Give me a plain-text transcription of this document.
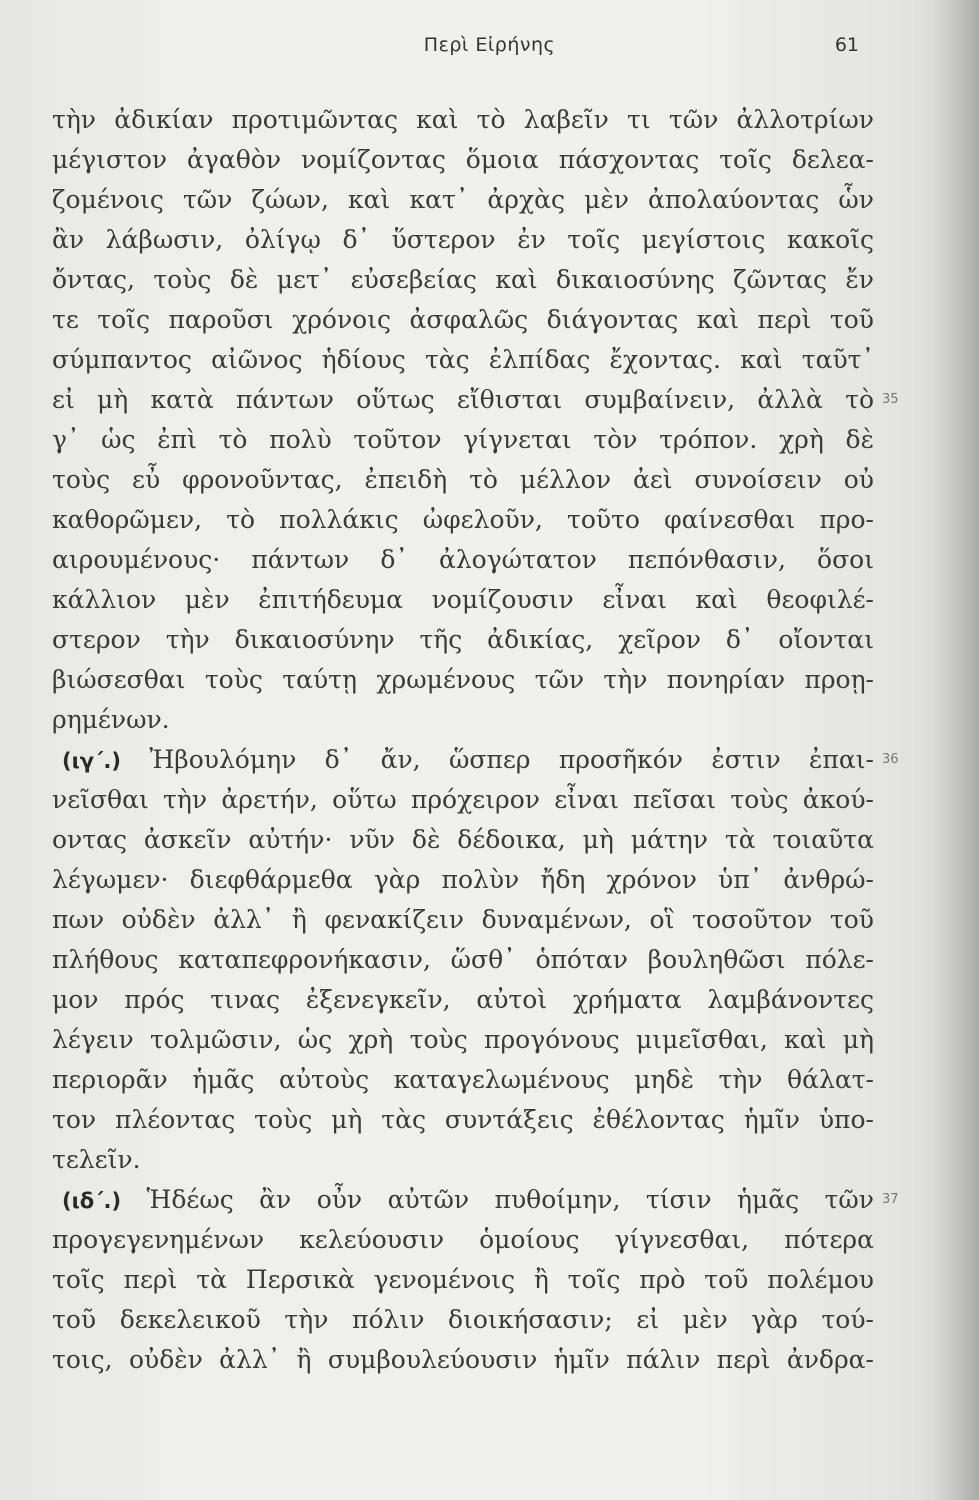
Περὶ Εἰρήνης	61
τὴν ἀδικίαν προτιμῶντας καὶ τὸ λαβεῖν τι τῶν ἀλλοτρίων
μέγιστον ἀγαθὸν νομίζοντας ὅμοια πάσχοντας τοῖς δελεα-
ζομένοις τῶν ζώων, καὶ κατ᾽ ἀρχὰς μὲν ἀπολαύοντας ὧν
ἂν λάβωσιν, ὀλίγῳ δ᾽ ὕστερον ἐν τοῖς μεγίστοις κακοῖς
ὄντας, τοὺς δὲ μετ᾽ εὐσεβείας καὶ δικαιοσύνης ζῶντας ἔν
τε τοῖς παροῦσι χρόνοις ἀσφαλῶς διάγοντας καὶ περὶ τοῦ
σύμπαντος αἰῶνος ἡδίους τὰς ἐλπίδας ἔχοντας. καὶ ταῦτ᾽
εἰ μὴ κατὰ πάντων οὕτως εἴθισται συμβαίνειν, ἀλλὰ τὸ
γ᾽ ὡς ἐπὶ τὸ πολὺ τοῦτον γίγνεται τὸν τρόπον. χρὴ δὲ
τοὺς εὖ φρονοῦντας, ἐπειδὴ τὸ μέλλον ἀεὶ συνοίσειν οὐ
καθορῶμεν, τὸ πολλάκις ὠφελοῦν, τοῦτο φαίνεσθαι προ-
αιρουμένους· πάντων δ᾽ ἀλογώτατον πεπόνθασιν, ὅσοι
κάλλιον μὲν ἐπιτήδευμα νομίζουσιν εἶναι καὶ θεοφιλέ-
στερον τὴν δικαιοσύνην τῆς ἀδικίας, χεῖρον δ᾽ οἴονται
βιώσεσθαι τοὺς ταύτῃ χρωμένους τῶν τὴν πονηρίαν προῃ-
ρημένων.
(ιγ΄.) Ἠβουλόμην δ᾽ ἄν, ὥσπερ προσῆκόν ἐστιν ἐπαι-
νεῖσθαι τὴν ἀρετήν, οὕτω πρόχειρον εἶναι πεῖσαι τοὺς ἀκού-
οντας ἀσκεῖν αὐτήν· νῦν δὲ δέδοικα, μὴ μάτην τὰ τοιαῦτα
λέγωμεν· διεφθάρμεθα γὰρ πολὺν ἤδη χρόνον ὑπ᾽ ἀνθρώ-
πων οὐδὲν ἀλλ᾽ ἢ φενακίζειν δυναμένων, οἳ τοσοῦτον τοῦ
πλήθους καταπεφρονήκασιν, ὥσθ᾽ ὁπόταν βουληθῶσι πόλε-
μον πρός τινας ἐξενεγκεῖν, αὐτοὶ χρήματα λαμβάνοντες
λέγειν τολμῶσιν, ὡς χρὴ τοὺς προγόνους μιμεῖσθαι, καὶ μὴ
περιορᾶν ἡμᾶς αὐτοὺς καταγελωμένους μηδὲ τὴν θάλατ-
τον πλέοντας τοὺς μὴ τὰς συντάξεις ἐθέλοντας ἡμῖν ὑπο-
τελεῖν.
(ιδ΄.) Ἡδέως ἂν οὖν αὐτῶν πυθοίμην, τίσιν ἡμᾶς τῶν
προγεγενημένων κελεύουσιν ὁμοίους γίγνεσθαι, πότερα
τοῖς περὶ τὰ Περσικὰ γενομένοις ἢ τοῖς πρὸ τοῦ πολέμου
τοῦ δεκελεικοῦ τὴν πόλιν διοικήσασιν; εἰ μὲν γὰρ τού-
τοις, οὐδὲν ἀλλ᾽ ἢ συμβουλεύουσιν ἡμῖν πάλιν περὶ ἀνδρα-
35
36
37
